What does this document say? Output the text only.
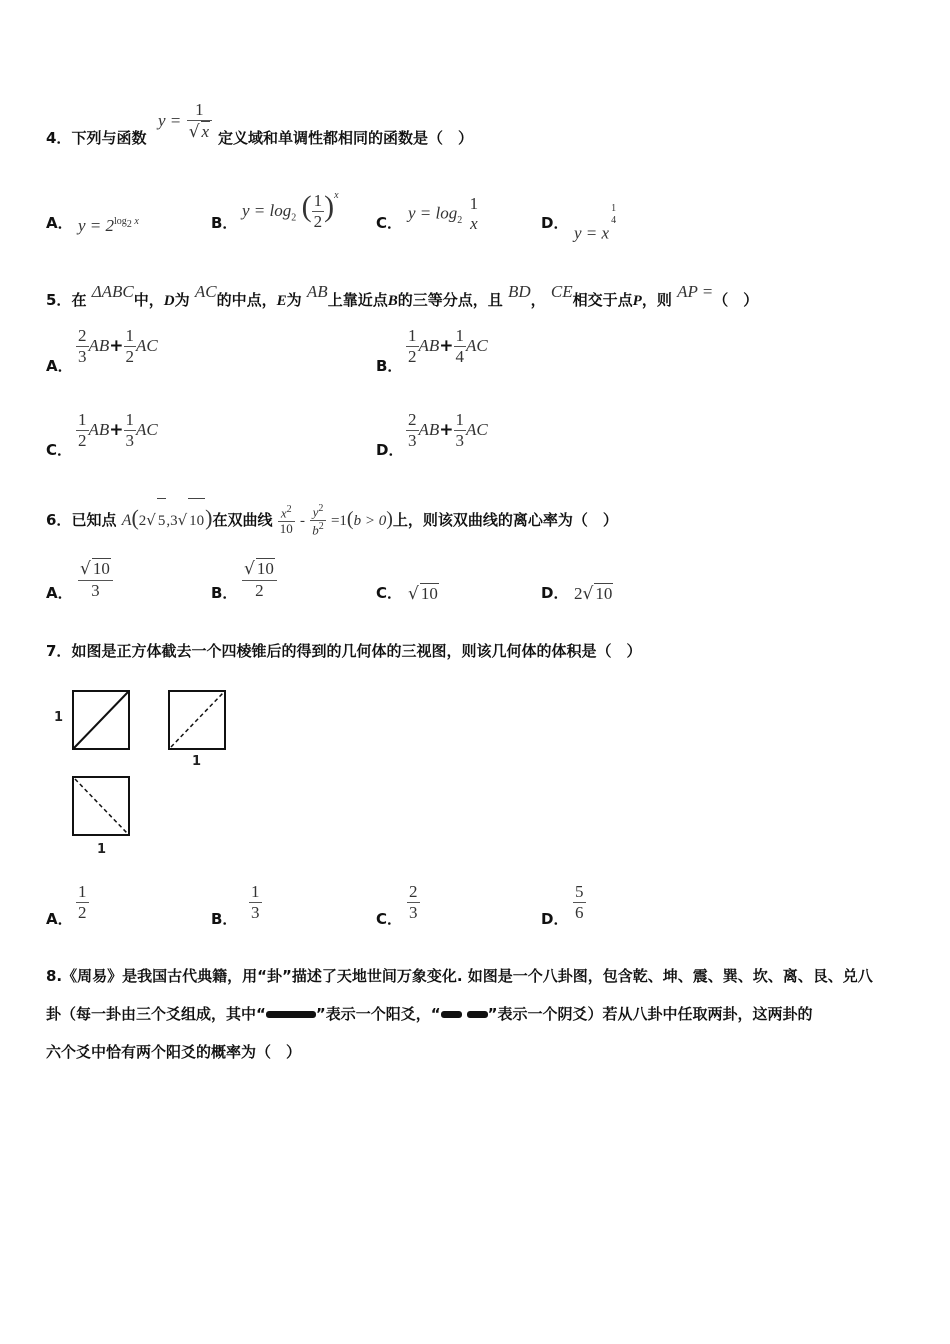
4．下列与函数
$y = \frac{1}{√ x}$ 定义域和单调性都相同的函数是（　）
A． $y = 2^{log_2 x}$	B．
$y = \log_2$ ( $\frac{1}{2} )^x$
C．
$y = \log_2$
1
x	D．
y = x
1
4
5．在 ΔABC中，D为 AC的中点，E为 AB上靠近点B的三等分点，且 BD， CE相交于点P，则 AP =（　）
A． $\frac{2}{3} AB+ \frac{1}{2}$ AC
B． $\frac{1}{2} AB+ \frac{1}{4}$ AC
C． $\frac{1}{2} AB+ \frac{1}{3}$ AC
D． $\frac{2}{3} AB+ \frac{1}{3}$ AC
6．已知点 A(2√ 5,3√ 10)在双曲线 $\frac{x^2}{10} - \frac{y^2}{b^2} =1(b > 0)$上，则该双曲线的离心率为（　）
A． $\frac{√ 10}{3}$	B． $\frac{√ 10}{2}$	C． √ 10	D． 2√ 10
7．如图是正方体截去一个四棱锥后的得到的几何体的三视图，则该几何体的体积是（　）
1
1
1
A． $\frac{1}{2}$	B． $\frac{1}{3}$	C． $\frac{2}{3}$	D． $\frac{5}{6}$
8.《周易》是我国古代典籍，用“卦”描述了天地世间万象变化. 如图是一个八卦图，包含乾、坤、震、巽、坎、离、艮、兑八
卦（每一卦由三个爻组成，其中“	”表示一个阳爻，“	”表示一个阴爻）若从八卦中任取两卦，这两卦的
六个爻中恰有两个阳爻的概率为（　）
